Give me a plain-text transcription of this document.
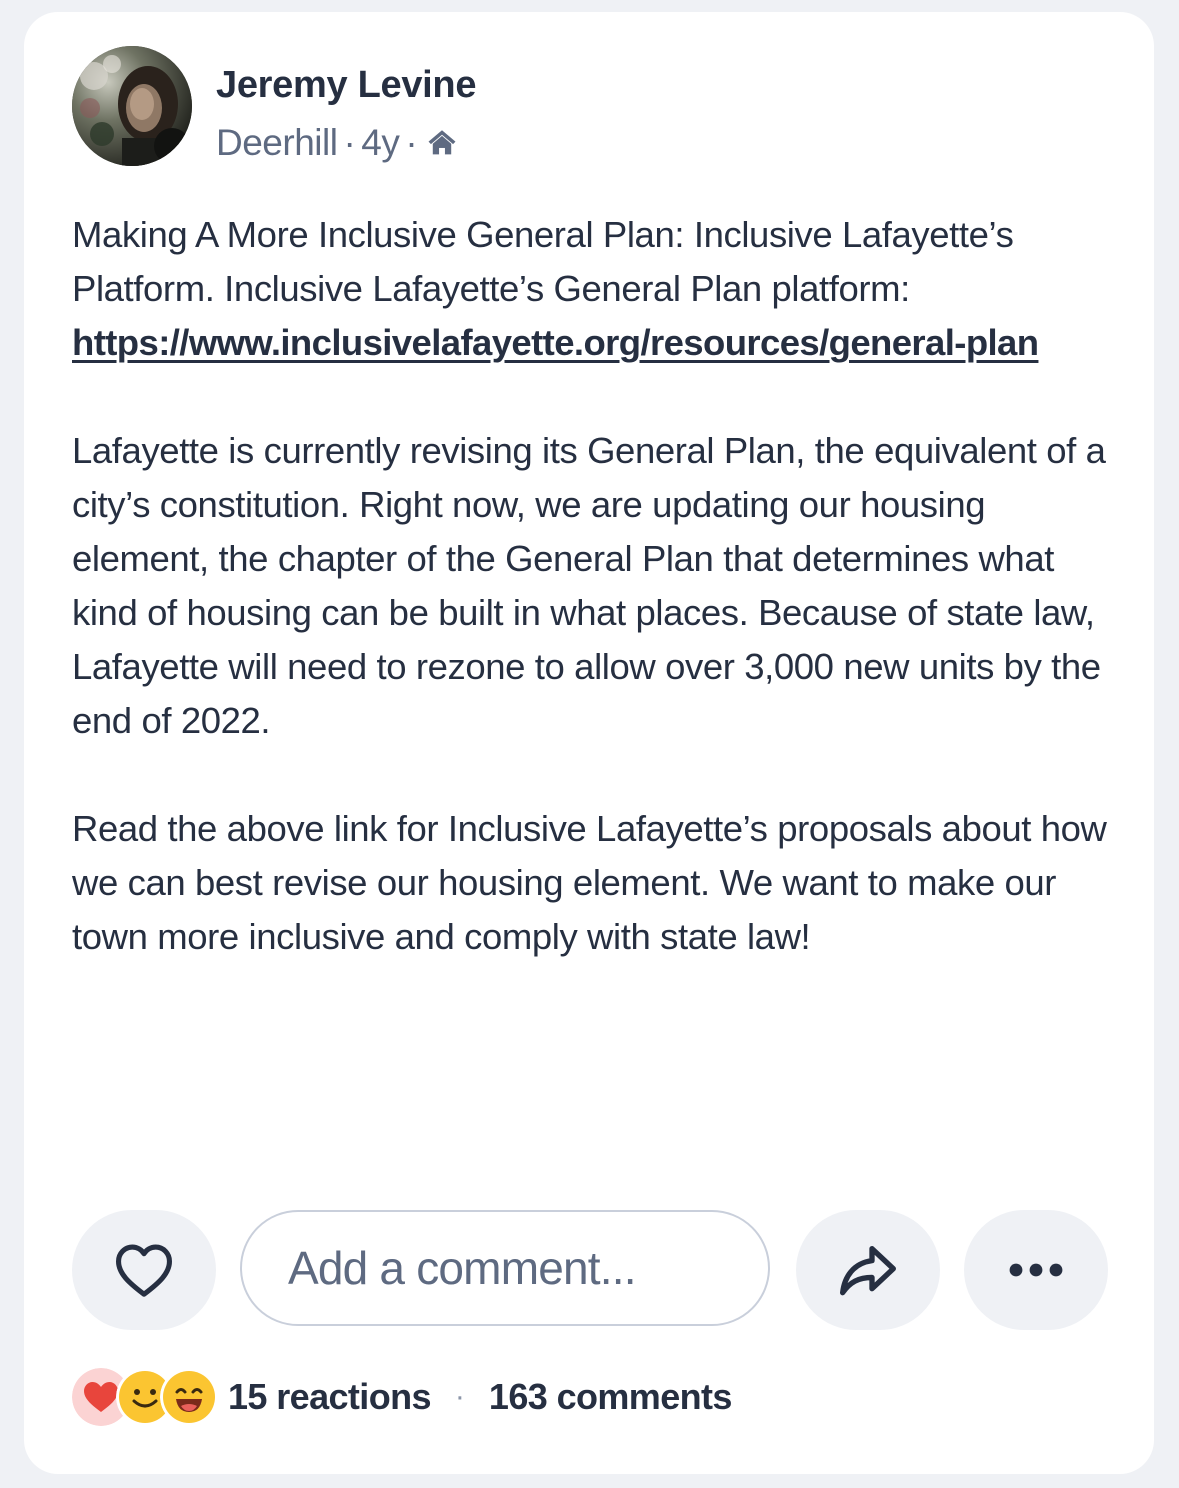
Jeremy Levine
Deerhill · 4y ·

Making A More Inclusive General Plan: Inclusive Lafayette’s Platform. Inclusive Lafayette’s General Plan platform:

https://www.inclusivelafayette.org/resources/general-plan

Lafayette is currently revising its General Plan, the equivalent of a city’s constitution. Right now, we are updating our housing element, the chapter of the General Plan that determines what kind of housing can be built in what places. Because of state law, Lafayette will need to rezone to allow over 3,000 new units by the end of 2022.

Read the above link for Inclusive Lafayette’s proposals about how we can best revise our housing element. We want to make our town more inclusive and comply with state law!

Add a comment...
15 reactions · 163 comments
